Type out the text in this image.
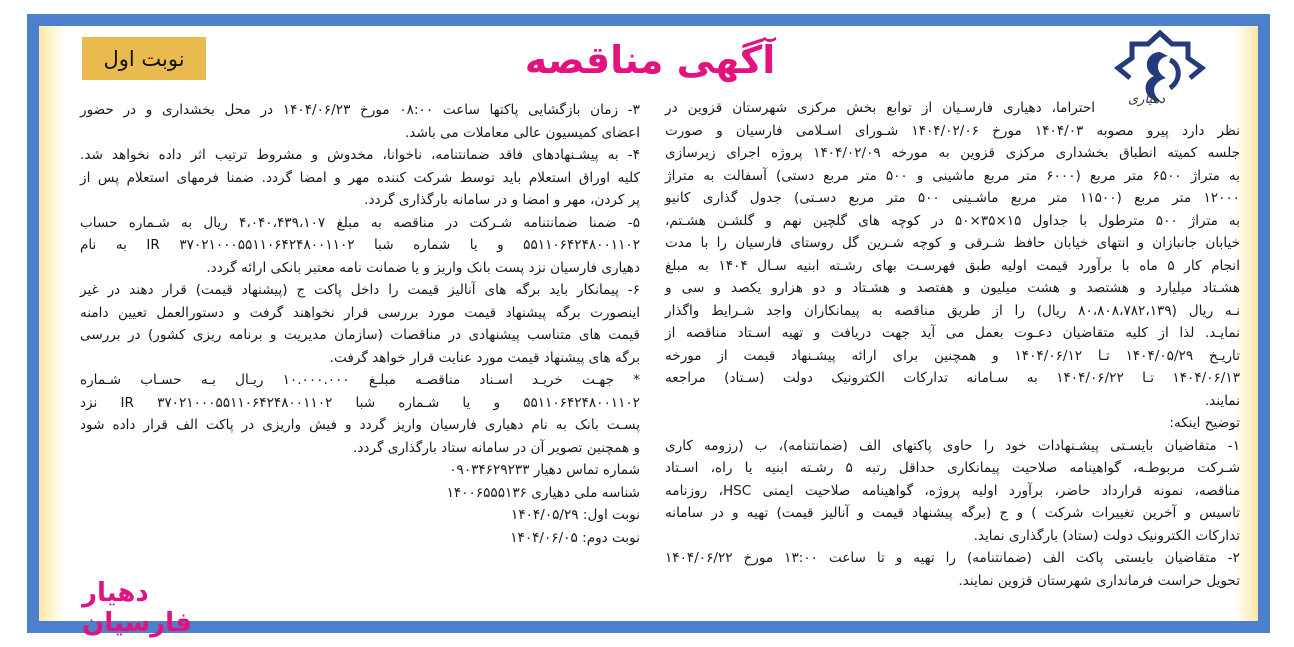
نوبت اول	آگهی مناقصه
دهیاری
احتراما، دهیاری فارسـیان از توابع بخش مرکزی شهرستان قزوین در
نظر دارد پیرو مصوبه ۱۴۰۴/۰۳ مورخ ۱۴۰۴/۰۲/۰۶ شـورای اسـلامی فارسیان و صورت
جلسه کمیته انطباق بخشداری مرکزی قزوین به مورخه ۱۴۰۴/۰۲/۰۹ پروژه اجرای زیرسازی
به متراژ ۶۵۰۰ متر مربع (۶۰۰۰ متر مربع ماشینی و ۵۰۰ متر مربع دستی) آسفالت به متراژ
۱۲۰۰۰ متر مربع (۱۱۵۰۰ متر مربع ماشـینی ۵۰۰ متر مربع دسـتی) جدول گذاری کانیو
به متراژ ۵۰۰ مترطول با جداول ۱۵×۳۵×۵۰ در کوچه های گلچین نهم و گلشـن هشـتم،
خیابان جانبازان و انتهای خیابان حافظ شـرقی و کوچه شـرین گل روستای فارسیان را با مدت
انجام کار ۵ ماه با برآورد قیمت اولیه طبق فهرسـت بهای رشـته ابنیه سـال ۱۴۰۴ به مبلغ
هشـتاد میلیارد و هشتصد و هشت میلیون و هفتصد و هشـتاد و دو هزارو یکصد و سی و
نـه ریال (۸۰،۸۰۸،۷۸۲،۱۳۹ ریال) را از طریق مناقصه به پیمانکاران واجد شـرایط واگذار
نمایـد. لذا از کلیه متقاضیان دعـوت بعمل می آید جهت دریافت و تهیه اسـتاد مناقصه از
تاریـخ ۱۴۰۴/۰۵/۲۹ تـا ۱۴۰۴/۰۶/۱۲ و همچنین برای ارائه پیشـنهاد قیمت از مورخه
۱۴۰۴/۰۶/۱۳ تـا ۱۴۰۴/۰۶/۲۲ به سـامانه تدارکات الکترونیک دولت (سـتاد) مراجعه
نمایند.
توضیح اینکه:
۱- متقاضیان بایسـتی پیشـنهادات خود را حاوی پاکتهای الف (ضمانتنامه)، ب (رزومه کاری
شـرکت مربوطـه، گواهینامه صلاحیت پیمانکاری حداقل رتبه ۵ رشـته ابنیه یا راه، اسـتاد
مناقصه، نمونه قرارداد حاضر، برآورد اولیه پروژه، گواهینامه صلاحیت ایمنی HSC، روزنامه
تاسیس و آخرین تغییرات شرکت ) و ج (برگه پیشنهاد قیمت و آنالیز قیمت) تهیه و در سامانه
تدارکات الکترونیک دولت (ستاد) بارگذاری نماید.
۲- متقاضیان بایستی پاکت الف (ضمانتنامه) را تهیه و تا ساعت ۱۳:۰۰ مورخ ۱۴۰۴/۰۶/۲۲
تحویل حراست فرمانداری شهرستان قزوین نمایند.
۳- زمان بازگشایی پاکتها ساعت ۰۸:۰۰ مورخ ۱۴۰۴/۰۶/۲۳ در محل بخشداری و در حضور
اعضای کمیسیون عالی معاملات می باشد.
۴- به پیشـنهادهای فاقد ضمانتنامه، ناخوانا، مخدوش و مشروط ترتیب اثر داده نخواهد شد.
کلیه اوراق استعلام باید توسط شرکت کننده مهر و امضا گردد. ضمنا فرمهای استعلام پس از
پر کردن، مهر و امضا و در سامانه بارگذاری گردد.
۵- ضمنا ضمانتنامه شـرکت در مناقصه به مبلغ ۴،۰۴۰،۴۳۹،۱۰۷ ریال به شـماره حساب
۵۵۱۱۰۶۴۲۴۸۰۰۱۱۰۲ و یا شماره شبا ۳۷۰۲۱۰۰۰۵۵۱۱۰۶۴۲۴۸۰۰۱۱۰۲ IR به نام
دهیاری فارسیان نزد پست بانک واریز و یا ضمانت نامه معتبر بانکی ارائه گردد.
۶- پیمانکار باید برگه های آنالیز قیمت را داخل پاکت ج (پیشنهاد قیمت) قرار دهند در غیر
اینصورت برگه پیشنهاد قیمت مورد بررسی قرار نخواهند گرفت و دستورالعمل تعیین دامنه
قیمت های متناسب پیشنهادی در مناقصات (سازمان مدیریت و برنامه ریزی کشور) در بررسی
برگه های پیشنهاد قیمت مورد عنایت قرار خواهد گرفت.
* جهـت خریـد اسـناد مناقصـه مبلـغ ۱۰.۰۰۰.۰۰۰ ریـال بـه حسـاب شـماره
۵۵۱۱۰۶۴۲۴۸۰۰۱۱۰۲ و یا شـماره شبا ۳۷۰۲۱۰۰۰۵۵۱۱۰۶۴۲۴۸۰۰۱۱۰۲ IR نزد
پسـت بانک به نام دهیاری فارسیان واریز گردد و فیش واریزی در پاکت الف قرار داده شود
و همچنین تصویر آن در سامانه ستاد بارگذاری گردد.
شماره تماس دهیار ۰۹۰۳۴۶۲۹۲۳۳
شناسه ملی دهیاری ۱۴۰۰۶۵۵۵۱۳۶
نوبت اول: ۱۴۰۴/۰۵/۲۹
نوبت دوم: ۱۴۰۴/۰۶/۰۵
دهیار فارسیان
